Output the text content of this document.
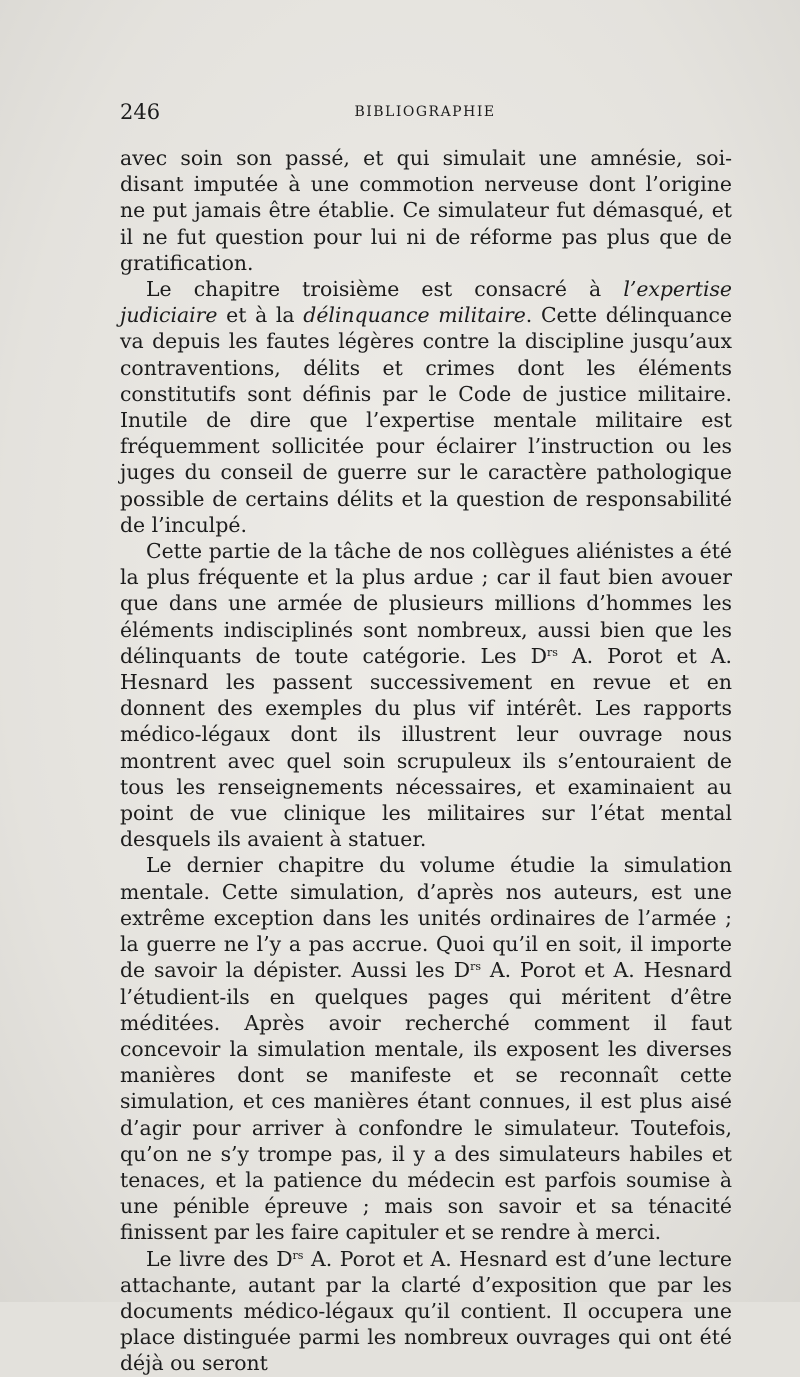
246	BIBLIOGRAPHIE

avec soin son passé, et qui simulait une amnésie, soi-disant imputée à une commotion nerveuse dont l’origine ne put jamais être établie. Ce simulateur fut démasqué, et il ne fut question pour lui ni de réforme pas plus que de gratification.

Le chapitre troisième est consacré à l’expertise judiciaire et à la délinquance militaire. Cette délinquance va depuis les fautes légères contre la discipline jusqu’aux contraventions, délits et crimes dont les éléments constitutifs sont définis par le Code de justice militaire. Inutile de dire que l’expertise mentale militaire est fréquemment sollicitée pour éclairer l’instruction ou les juges du conseil de guerre sur le caractère pathologique possible de certains délits et la question de responsabilité de l’inculpé.

Cette partie de la tâche de nos collègues aliénistes a été la plus fréquente et la plus ardue ; car il faut bien avouer que dans une armée de plusieurs millions d’hommes les éléments indisciplinés sont nombreux, aussi bien que les délinquants de toute catégorie. Les $D^{rs}$ A. Porot et A. Hesnard les passent successivement en revue et en donnent des exemples du plus vif intérêt. Les rapports médico-légaux dont ils illustrent leur ouvrage nous montrent avec quel soin scrupuleux ils s’entouraient de tous les renseignements nécessaires, et examinaient au point de vue clinique les militaires sur l’état mental desquels ils avaient à statuer.

Le dernier chapitre du volume étudie la simulation mentale. Cette simulation, d’après nos auteurs, est une extrême exception dans les unités ordinaires de l’armée ; la guerre ne l’y a pas accrue. Quoi qu’il en soit, il importe de savoir la dépister. Aussi les $D^{rs}$ A. Porot et A. Hesnard l’étudient-ils en quelques pages qui méritent d’être méditées. Après avoir recherché comment il faut concevoir la simulation mentale, ils exposent les diverses manières dont se manifeste et se reconnaît cette simulation, et ces manières étant connues, il est plus aisé d’agir pour arriver à confondre le simulateur. Toutefois, qu’on ne s’y trompe pas, il y a des simulateurs habiles et tenaces, et la patience du médecin est parfois soumise à une pénible épreuve ; mais son savoir et sa ténacité finissent par les faire capituler et se rendre à merci.

Le livre des $D^{rs}$ A. Porot et A. Hesnard est d’une lecture attachante, autant par la clarté d’exposition que par les documents médico-légaux qu’il contient. Il occupera une place distinguée parmi les nombreux ouvrages qui ont été déjà ou seront
